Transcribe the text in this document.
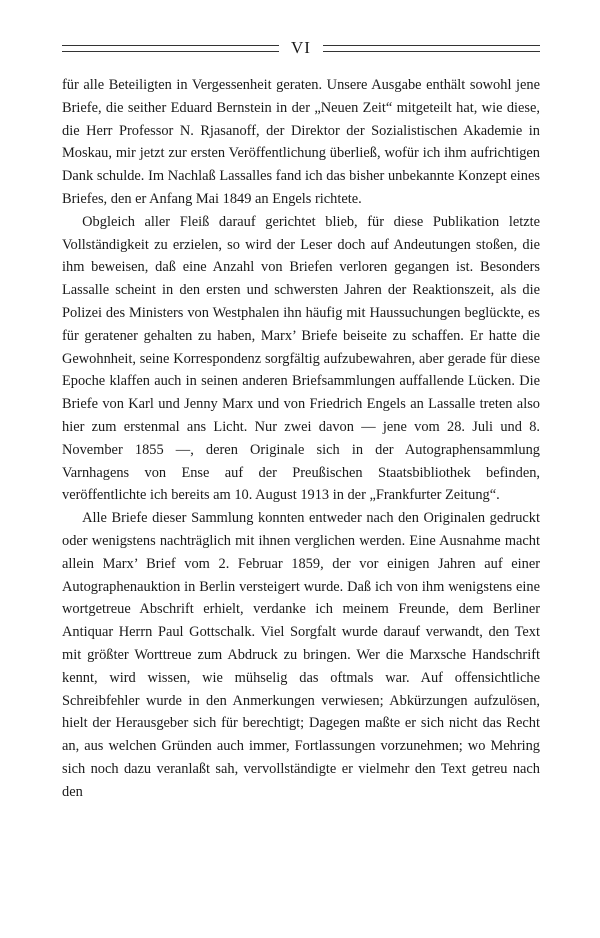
VI

für alle Beteiligten in Vergessenheit geraten. Unsere Ausgabe enthält sowohl jene Briefe, die seither Eduard Bernstein in der „Neuen Zeit“ mitgeteilt hat, wie diese, die Herr Professor N. Rjasanoff, der Direktor der Sozialistischen Akademie in Moskau, mir jetzt zur ersten Veröffentlichung überließ, wofür ich ihm aufrichtigen Dank schulde. Im Nachlaß Lassalles fand ich das bisher unbekannte Konzept eines Briefes, den er Anfang Mai 1849 an Engels richtete.

Obgleich aller Fleiß darauf gerichtet blieb, für diese Publikation letzte Vollständigkeit zu erzielen, so wird der Leser doch auf Andeutungen stoßen, die ihm beweisen, daß eine Anzahl von Briefen verloren gegangen ist. Besonders Lassalle scheint in den ersten und schwersten Jahren der Reaktionszeit, als die Polizei des Ministers von Westphalen ihn häufig mit Haussuchungen beglückte, es für geratener gehalten zu haben, Marx’ Briefe beiseite zu schaffen. Er hatte die Gewohnheit, seine Korrespondenz sorgfältig aufzubewahren, aber gerade für diese Epoche klaffen auch in seinen anderen Briefsammlungen auffallende Lücken. Die Briefe von Karl und Jenny Marx und von Friedrich Engels an Lassalle treten also hier zum erstenmal ans Licht. Nur zwei davon — jene vom 28. Juli und 8. November 1855 —, deren Originale sich in der Autographensammlung Varnhagens von Ense auf der Preußischen Staatsbibliothek befinden, veröffentlichte ich bereits am 10. August 1913 in der „Frankfurter Zeitung“.

Alle Briefe dieser Sammlung konnten entweder nach den Originalen gedruckt oder wenigstens nachträglich mit ihnen verglichen werden. Eine Ausnahme macht allein Marx’ Brief vom 2. Februar 1859, der vor einigen Jahren auf einer Autographenauktion in Berlin versteigert wurde. Daß ich von ihm wenigstens eine wortgetreue Abschrift erhielt, verdanke ich meinem Freunde, dem Berliner Antiquar Herrn Paul Gottschalk. Viel Sorgfalt wurde darauf verwandt, den Text mit größter Worttreue zum Abdruck zu bringen. Wer die Marxsche Handschrift kennt, wird wissen, wie mühselig das oftmals war. Auf offensichtliche Schreibfehler wurde in den Anmerkungen verwiesen; Abkürzungen aufzulösen, hielt der Herausgeber sich für berechtigt; Dagegen maßte er sich nicht das Recht an, aus welchen Gründen auch immer, Fortlassungen vorzunehmen; wo Mehring sich noch dazu veranlaßt sah, vervollständigte er vielmehr den Text getreu nach den
